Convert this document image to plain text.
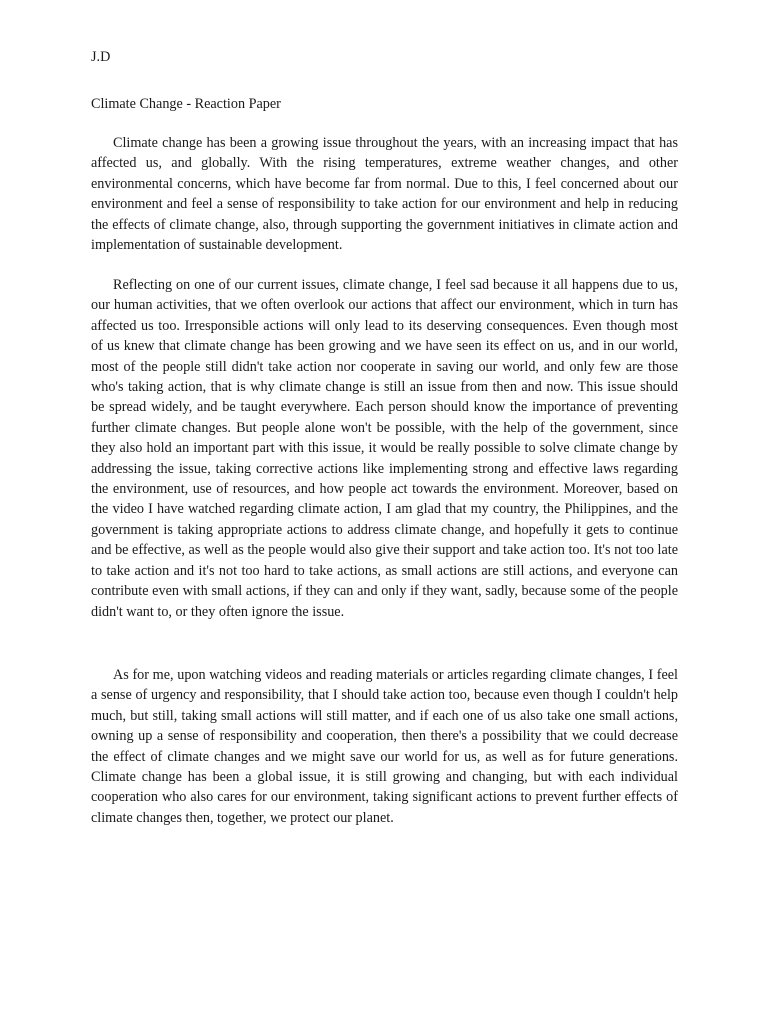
J.D
Climate Change - Reaction Paper

Climate change has been a growing issue throughout the years, with an increasing impact that has affected us, and globally. With the rising temperatures, extreme weather changes, and other environmental concerns, which have become far from normal. Due to this, I feel concerned about our environment and feel a sense of responsibility to take action for our environment and help in reducing the effects of climate change, also, through supporting the government initiatives in climate action and implementation of sustainable development.

Reflecting on one of our current issues, climate change, I feel sad because it all happens due to us, our human activities, that we often overlook our actions that affect our environment, which in turn has affected us too. Irresponsible actions will only lead to its deserving consequences. Even though most of us knew that climate change has been growing and we have seen its effect on us, and in our world, most of the people still didn't take action nor cooperate in saving our world, and only few are those who's taking action, that is why climate change is still an issue from then and now. This issue should be spread widely, and be taught everywhere. Each person should know the importance of preventing further climate changes. But people alone won't be possible, with the help of the government, since they also hold an important part with this issue, it would be really possible to solve climate change by addressing the issue, taking corrective actions like implementing strong and effective laws regarding the environment, use of resources, and how people act towards the environment. Moreover, based on the video I have watched regarding climate action, I am glad that my country, the Philippines, and the government is taking appropriate actions to address climate change, and hopefully it gets to continue and be effective, as well as the people would also give their support and take action too. It's not too late to take action and it's not too hard to take actions, as small actions are still actions, and everyone can contribute even with small actions, if they can and only if they want, sadly, because some of the people didn't want to, or they often ignore the issue.

As for me, upon watching videos and reading materials or articles regarding climate changes, I feel a sense of urgency and responsibility, that I should take action too, because even though I couldn't help much, but still, taking small actions will still matter, and if each one of us also take one small actions, owning up a sense of responsibility and cooperation, then there's a possibility that we could decrease the effect of climate changes and we might save our world for us, as well as for future generations. Climate change has been a global issue, it is still growing and changing, but with each individual cooperation who also cares for our environment, taking significant actions to prevent further effects of climate changes then, together, we protect our planet.
